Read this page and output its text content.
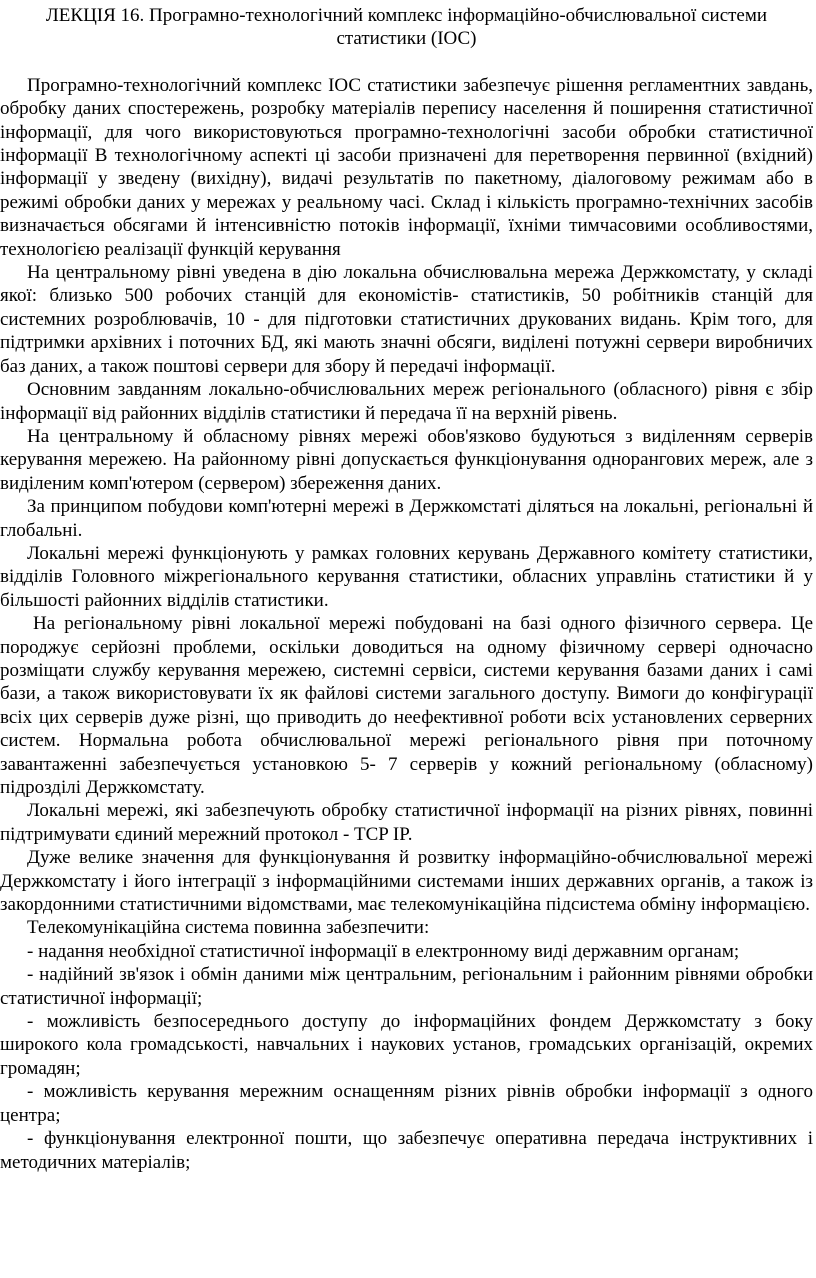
ЛЕКЦІЯ 16. Програмно-технологічний комплекс інформаційно-обчислювальної системи статистики (ІОС)

Програмно-технологічний комплекс ІОС статистики забезпечує рішення регламентних завдань, обробку даних спостережень, розробку матеріалів перепису населення й поширення статистичної інформації, для чого використовуються програмно-технологічні засоби обробки статистичної інформації В технологічному аспекті ці засоби призначені для перетворення первинної (вхідний) інформації у зведену (вихідну), видачі результатів по пакетному, діалоговому режимам або в режимі обробки даних у мережах у реальному часі. Склад і кількість програмно-технічних засобів визначається обсягами й інтенсивністю потоків інформації, їхніми тимчасовими особливостями, технологією реалізації функцій керування

На центральному рівні уведена в дію локальна обчислювальна мережа Держкомстату, у складі якої: близько 500 робочих станцій для економістів- статистиків, 50 робітників станцій для системних розроблювачів, 10 - для підготовки статистичних друкованих видань. Крім того, для підтримки архівних і поточних БД, які мають значні обсяги, виділені потужні сервери виробничих баз даних, а також поштові сервери для збору й передачі інформації.

Основним завданням локально-обчислювальних мереж регіонального (обласного) рівня є збір інформації від районних відділів статистики й передача її на верхній рівень.

На центральному й обласному рівнях мережі обов'язково будуються з виділенням серверів керування мережею. На районному рівні допускається функціонування однорангових мереж, але з виділеним комп'ютером (сервером) збереження даних.

За принципом побудови комп'ютерні мережі в Держкомстаті діляться на локальні, регіональні й глобальні.

Локальні мережі функціонують у рамках головних керувань Державного комітету статистики, відділів Головного міжрегіонального керування статистики, обласних управлінь статистики й у більшості районних відділів статистики.

На регіональному рівні локальної мережі побудовані на базі одного фізичного сервера. Це породжує серйозні проблеми, оскільки доводиться на одному фізичному сервері одночасно розміщати службу керування мережею, системні сервіси, системи керування базами даних і самі бази, а також використовувати їх як файлові системи загального доступу. Вимоги до конфігурації всіх цих серверів дуже різні, що приводить до неефективної роботи всіх установлених серверних систем. Нормальна робота обчислювальної мережі регіонального рівня при поточному завантаженні забезпечується установкою 5- 7 серверів у кожний регіональному (обласному) підрозділі Держкомстату.

Локальні мережі, які забезпечують обробку статистичної інформації на різних рівнях, повинні підтримувати єдиний мережний протокол - TCP IP.

Дуже велике значення для функціонування й розвитку інформаційно-обчислювальної мережі Держкомстату і його інтеграції з інформаційними системами інших державних органів, а також із закордонними статистичними відомствами, має телекомунікаційна підсистема обміну інформацією.

Телекомунікаційна система повинна забезпечити:

- надання необхідної статистичної інформації в електронному виді державним органам;

- надійний зв'язок і обмін даними між центральним, регіональним і районним рівнями обробки статистичної інформації;

- можливість безпосереднього доступу до інформаційних фондем Держкомстату з боку широкого кола громадськості, навчальних і наукових установ, громадських організацій, окремих громадян;

- можливість керування мережним оснащенням різних рівнів обробки інформації з одного центра;

- функціонування електронної пошти, що забезпечує оперативна передача інструктивних і методичних матеріалів;
